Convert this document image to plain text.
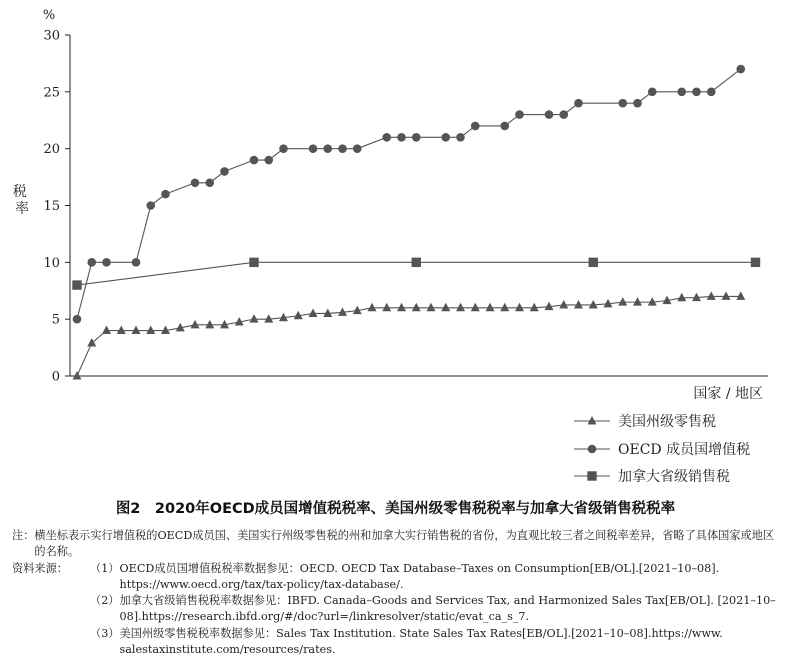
0
5
10
15
20
25
30
%
税 率
国家 / 地区
美国州级零售税
OECD 成员国增值税
加拿大省级销售税
图2　2020年OECD成员国增值税税率、美国州级零售税税率与加拿大省级销售税税率
注： 横坐标表示实行增值税的OECD成员国、美国实行州级零售税的州和加拿大实行销售税的省份，为直观比较三者之间税率差异，省略了具体国家或地区的名称。
资料来源：	（1） OECD成员国增值税税率数据参见：OECD. OECD Tax Database–Taxes on Consumption[EB/OL].[2021–10–08]. https://www.oecd.org/tax/tax-policy/tax-database/.
（2） 加拿大省级销售税税率数据参见：IBFD. Canada–Goods and Services Tax, and Harmonized Sales Tax[EB/OL]. [2021–10–08].https://research.ibfd.org/#/doc?url=/linkresolver/static/evat_ca_s_7.
（3） 美国州级零售税税率数据参见：Sales Tax Institution. State Sales Tax Rates[EB/OL].[2021–10–08].https://www. salestaxinstitute.com/resources/rates.
